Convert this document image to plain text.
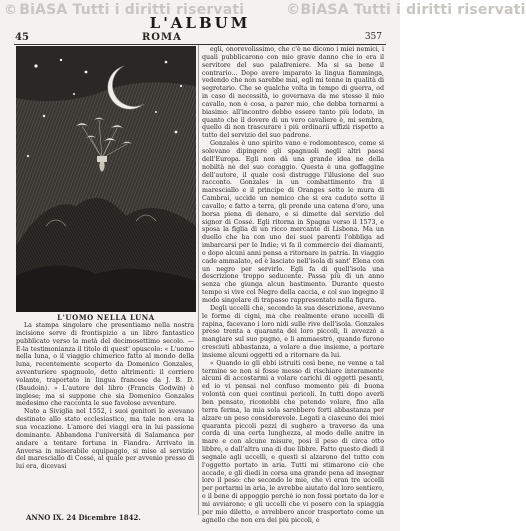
© BiASA Tutti i diritti riservati	©BiASA Tutti i diritti riservati
L'ALBUM
45	ROMA	357
L'UOMO NELLA LUNA

La stampa singolare che presentiamo nella nostra incisione serve di frontispizio a un libro fantastico pubblicato verso la metà del decimosettimo secolo. — E-la testimonianza il titolo di quest' opuscolo: « L'uomo nella luna, o il viaggio chimerico fatto al mondo della luna, recentemente scoperto da Domenico Gonzales, avventuriere spagnuolo, detto altrimenti: il corriere volante, traportato in lingua francese da J. B. D. (Baudoin). » L'autore del libro (Francis Godwin) è inglese; ma si suppone che sia Domenico Gonzales medesimo che racconta le sue favolose avventure.

Nato a Siviglia nel 1552, i suoi genitori lo avevano destinato allo stato ecclesiastico, ma tale non era la sua vocazione. L'amore dei viaggi era in lui passione dominante. Abbandona l'università di Salamanca per andare a tentare fortuna in Fiandra. Arrivato in Anversa in miserabile equipaggio, si mise al servizio del maresciallo di Cossé, al quale per avvenio presso di lui era, dicevasi

egli, onorevolissimo, che c'è ne dicono i miei nemici, i quali pubblicarono con mio grave danno che io era il servitore del suo palafreniere. Ma si sa bene il contrario... Dopo avere imparato la lingua fiamminga, vedendo che non sarebbe mai, egli mi tenne in qualità di segretario. Che se qualche volta in tempo di guerra, od in caso di necessità, io governava da me stesso il mio cavallo, non è cosa, a parer mio, che debba tornarmi a biasimo: all'incontro debbo essere tanto più lodato, in quanto che il dovere di un vero cavaliere è, mi sembra, quello di non trascurare i più ordinarii uffizii rispetto a tutto del servizio del suo padrone.

Gonzales è uno spirito vano e rodomontesco, come si solevano dipingere gli spagnuoli negli altri paesi dell'Europa. Egli non dà una grande idea ne della nobiltà nè del suo coraggio. Questa è una goffaggine dell'autore, il quale così distrugge l'illusione del suo racconto. Gonzales in un combattimento fra il maresciallo e il principe di Oranges sotto le mura di Cambrai, uccide un nemico che si era caduto sotto il cavallo; e fatto a terra, gli prende una catena d'oro, una borsa piena di denaro, e si dimette dal servizio del signor di Cossé. Egli ritorna in Spagna verso il 1573, e sposa la figlia di un ricco mercante di Lisbona. Ma un duello che ha con uno dei suoi parenti l'obbliga ad imbarcarsi per le Indie; vi fa il commercio dei diamanti, e dopo alcuni anni pensa a ritornare in patria. In viaggio cade ammalato, ed è lasciato nell'isola di sant' Elena con un negro per servirlo. Egli fa di quell'isola una descrizione troppo seducente. Passa più di un anno senza che giunga alcun bastimento. Durante questo tempo si vive col Negro della caccia, e col suo ingegno il modo singolare di trapasso rappresentato nella figura.

Degli uccelli che, secondo la sua descrizione, avevano le forme di cigni, ma che realmente erano uccelli di rapina, facevano i loro nidi sulle rive dell'isola. Gonzales prese trenta a quaranta dei loro piccoli, li avvezzò a mangiare sul suo pugno, e li ammaestrò, quando furono cresciuti abbastanza, a volare a due insieme, a portare insieme alcuni oggetti ed a ritornare da lui.

« Quando io gli ebbi istruiti così bene, ne venne a tal termine se non si fosse messo di rischiare interamente alcuni di accostarmi a volare carichi di oggetti pesanti, ed io vi pensai nel confuso momento più di buona volontà con quei continui pericoli. In tutti dopo averli ben pensato, riconobbi che potendo volare, fino alla terra ferma, la mia sola sarebbero forti abbastanza per alzare un peso considerevole. Legati a ciascuno dei miei quaranta piccoli pezzi di sughero a traverso da una corda di una certa lunghezza, al modo delle anitre in mare e con alcune misure, posi il peso di circa otto libbre, e dall'altra una di due libbre. Fatto questo diedi il segnale agli uccelli, e questi si alzarono del tutto con l'oggetto portato in aria. Tutti mi stimarono ciò che accade, e gli diedi in corsa una grande pena ad insegnar loro il peso: che secondo le mie, che vi eran tre uccelli per portarmi in aria, le avrebbe aiutato dal loro sentiero, e il bene di appoggio perchè io non fossi portato da lor e mi avviarono; e gli uccelli che vi posero con la spiaggia per mio diletto, e avrebbero ancor trasportato come un agnello che non era dei più piccoli, e

ANNO IX. 24 Dicembre 1842.
